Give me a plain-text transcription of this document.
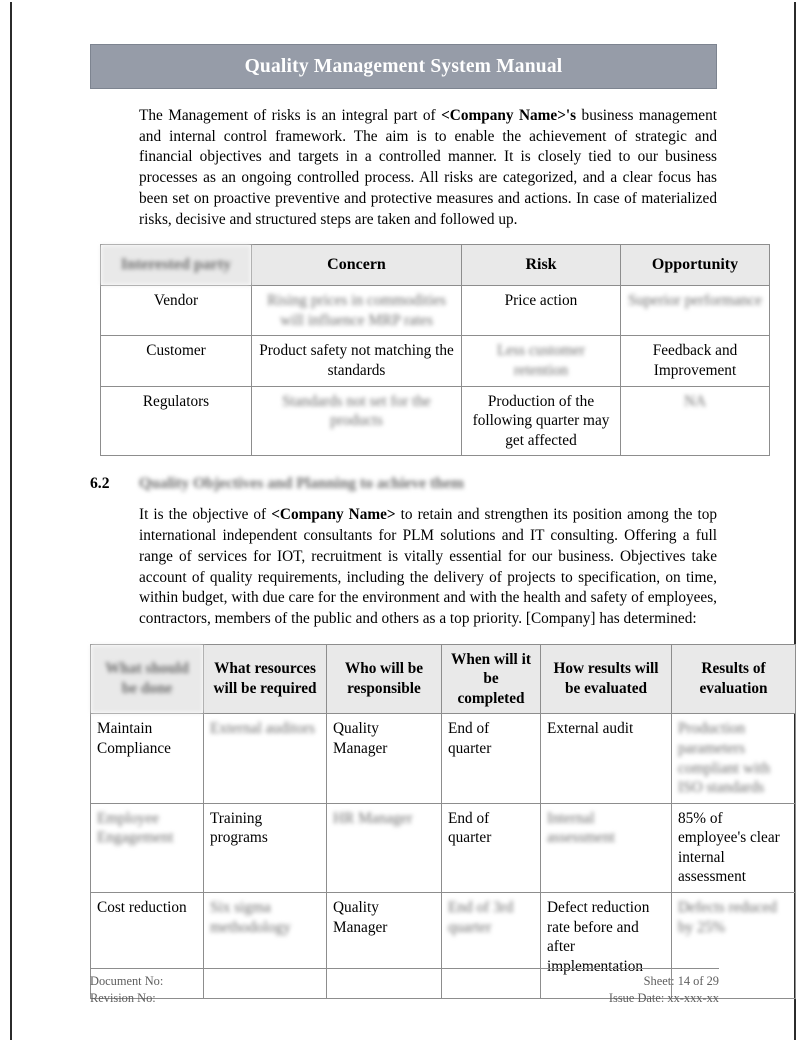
Quality Management System Manual

The Management of risks is an integral part of <Company Name>'s business management and internal control framework. The aim is to enable the achievement of strategic and financial objectives and targets in a controlled manner. It is closely tied to our business processes as an ongoing controlled process. All risks are categorized, and a clear focus has been set on proactive preventive and protective measures and actions. In case of materialized risks, decisive and structured steps are taken and followed up.

Interested party	Concern	Risk	Opportunity
Vendor	Rising prices in commodities will influence MRP rates	Price action	Superior performance
Customer	Product safety not matching the standards	Less customer retention	Feedback and Improvement
Regulators	Standards not set for the products	Production of the following quarter may get affected	NA
6.2	Quality Objectives and Planning to achieve them

It is the objective of <Company Name> to retain and strengthen its position among the top international independent consultants for PLM solutions and IT consulting. Offering a full range of services for IOT, recruitment is vitally essential for our business. Objectives take account of quality requirements, including the delivery of projects to specification, on time, within budget, with due care for the environment and with the health and safety of employees, contractors, members of the public and others as a top priority. [Company] has determined:

What should be done	What resources will be required	Who will be responsible	When will it be completed	How results will be evaluated	Results of evaluation
Maintain Compliance	External auditors	Quality Manager	End of quarter	External audit	Production parameters compliant with ISO standards
Employee Engagement	Training programs	HR Manager	End of quarter	Internal assessment	85% of employee's clear internal assessment
Cost reduction	Six sigma methodology	Quality Manager	End of 3rd quarter	Defect reduction rate before and after implementation	Defects reduced by 25%
Document No:
Revision No:
Sheet: 14 of 29
Issue Date: xx-xxx-xx
